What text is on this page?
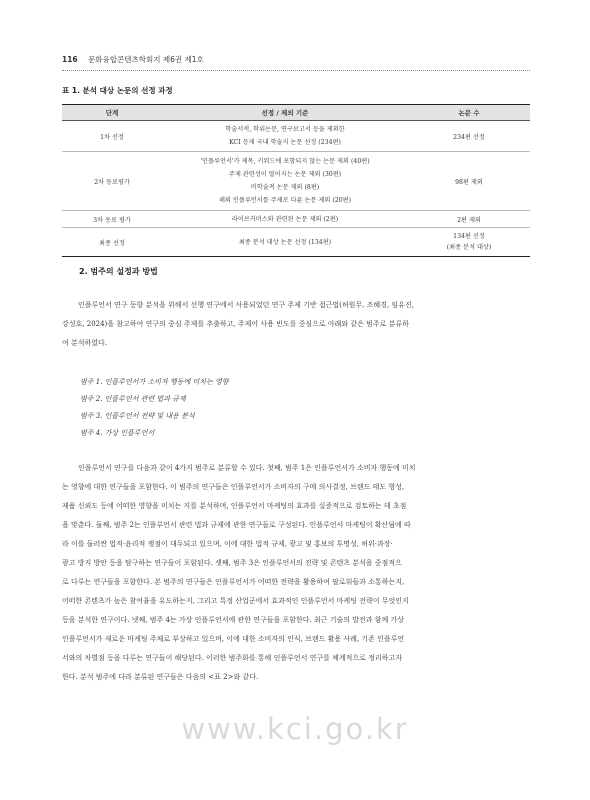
116 문화융합콘텐츠학회지 제6권 제1호
표 1. 분석 대상 논문의 선정 과정
단계	선정 / 제외 기준	논문 수
1차 선정	학술서적, 학위논문, 연구보고서 등을 제외한
KCI 등재 국내 학술지 논문 선정 (234편)	234편 선정

2차 동료평가	'인플루언서'가 제목, 키워드에 포함되지 않는 논문 제외 (40편)
주제 관련성이 떨어지는 논문 제외 (30편)
비학술적 논문 제외 (8편)
해외 인플루언서를 주제로 다룬 논문 제외 (20편)	98편 제외

3차 동료 평가	라이브커머스와 관련된 논문 제외 (2편)	2편 제외

최종 선정	최종 분석 대상 논문 선정 (134편)	134편 선정
(최종 분석 대상)
2. 범주의 설정과 방법

인플루언서 연구 동향 분석을 위해서 선행 연구에서 사용되었던 연구 주제 기반 접근법(허원무, 조혜경, 임유진,
강성호, 2024)을 참고하여 연구의 중심 주제를 추출하고, 주제어 사용 빈도를 중심으로 아래와 같은 범주로 분류하
여 분석하였다.

범주 1. 인플루언서가 소비자 행동에 미치는 영향
범주 2. 인플루언서 관련 법과 규제
범주 3. 인플루언서 전략 및 내용 분석
범주 4. 가상 인플루언서

인플루언서 연구를 다음과 같이 4가지 범주로 분류할 수 있다. 첫째, 범주 1은 인플루언서가 소비자 행동에 미치
는 영향에 대한 연구들을 포함한다. 이 범주의 연구들은 인플루언서가 소비자의 구매 의사결정, 브랜드 태도 형성,
제품 신뢰도 등에 어떠한 영향을 미치는 지를 분석하며, 인플루언서 마케팅의 효과를 실증적으로 검토하는 데 초점
을 맞춘다. 둘째, 범주 2는 인플루언서 관련 법과 규제에 관한 연구들로 구성된다. 인플루언서 마케팅이 확산됨에 따
라 이를 둘러싼 법적·윤리적 쟁점이 대두되고 있으며, 이에 대한 법적 규제, 광고 및 홍보의 투명성, 허위·과장·
광고 방지 방안 등을 탐구하는 연구들이 포함된다. 셋째, 범주 3은 인플루언서의 전략 및 콘텐츠 분석을 중점적으
로 다루는 연구들을 포함한다. 본 범주의 연구들은 인플루언서가 어떠한 전략을 활용하여 팔로워들과 소통하는지,
어떠한 콘텐츠가 높은 참여율을 유도하는지, 그리고 특정 산업군에서 효과적인 인플루언서 마케팅 전략이 무엇인지
등을 분석한 연구이다. 넷째, 범주 4는 가상 인플루언서에 관한 연구들을 포함한다. 최근 기술의 발전과 함께 가상
인플루언서가 새로운 마케팅 주체로 부상하고 있으며, 이에 대한 소비자의 인식, 브랜드 활용 사례, 기존 인플루언
서와의 차별점 등을 다루는 연구들이 해당된다. 이러한 범주화를 통해 인플루언서 연구를 체계적으로 정리하고자
한다. 분석 범주에 다라 분류된 연구들은 다음의 <표 2>와 같다.

www.kci.go.kr
